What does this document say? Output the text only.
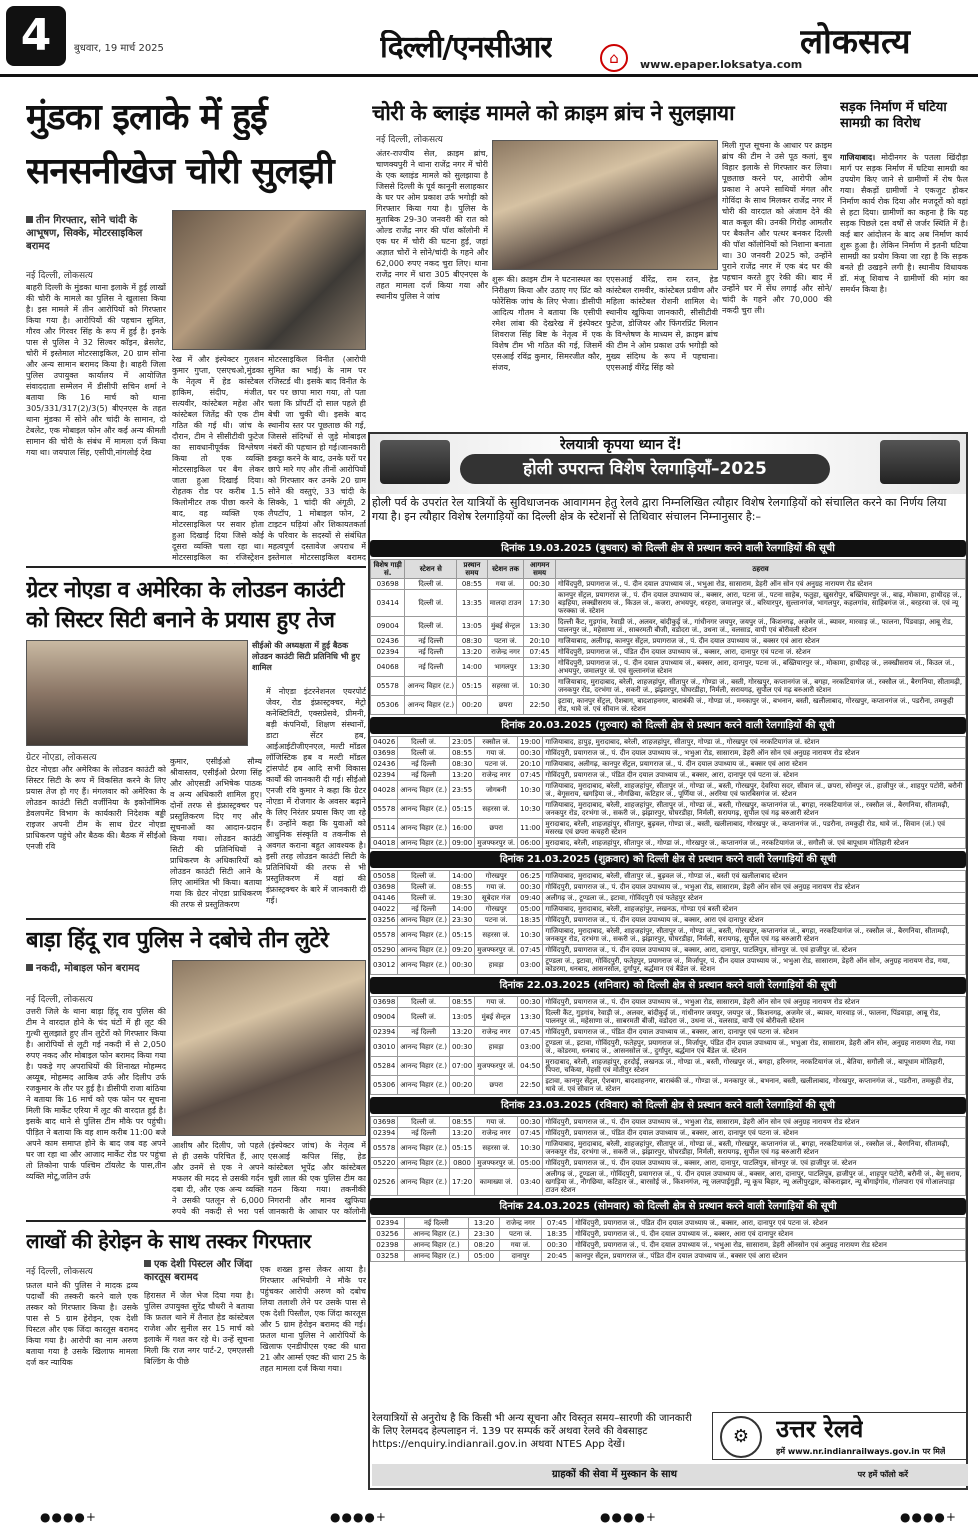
4	बुधवार, 19 मार्च 2025	दिल्ली/एनसीआर	⌂	www.epaper.loksatya.com
लोकसत्य
मुंडका इलाके में हुई
सनसनीखेज चोरी सुलझी
तीन गिरफ्तार, सोने चांदी के आभूषण, सिक्के, मोटरसाइकिल बरामद
नई दिल्ली, लोकसत्य
बाहरी दिल्ली के मुंडका थाना इलाके में हुई लाखों की चोरी के मामले का पुलिस ने खुलासा किया है। इस मामले में तीन आरोपियों को गिरफ्तार किया गया है। आरोपियों की पहचान सुमित, गौरव और गिरवर सिंह के रूप में हुई है। इनके पास से पुलिस ने 32 सिल्वर कॉइन, ब्रेसलेट, चोरी में इस्तेमाल मोटरसाइकिल, 20 ग्राम सोना और अन्य सामान बरामद किया है। बाहरी जिला पुलिस उपायुक्त कार्यालय में आयोजित संवाददाता सम्मेलन में डीसीपी सचिन शर्मा ने बताया कि 16 मार्च को थाना 305/331/317(2)/3(5) बीएनएस के तहत थाना मुंडका में सोने और चांदी के सामान, दो टेबलेट, एक मोबाइल फोन और कई अन्य कीमती सामान की चोरी के संबंध में मामला दर्ज किया गया था। जयपाल सिंह, एसीपी,नांगलोई देख
रेख में और इंस्पेक्टर गुलशन कुमार गुप्ता, एसएचओ,मुंडका के नेतृत्व में हेड कांस्टेबल हाकिम, संदीप, मंजीत, सत्यवीर, कांस्टेबल महेश और कांस्टेबल जितेंद्र की एक टीम गठित की गई थी। जांच के दौरान, टीम ने सीसीटीवी फुटेज का सावधानीपूर्वक विश्लेषण किया तो एक व्यक्ति मोटरसाइकिल पर बैग लेकर जाता हुआ दिखाई दिया। रोहतक रोड पर करीब 1.5 किलोमीटर तक पीछा करने के बाद, वह व्यक्ति एक मोटरसाइकिल पर सवार होता हुआ दिखाई दिया जिसे कोई दूसरा व्यक्ति चला रहा था।मोटरसाइकिल का रजिस्ट्रेशन
मोटरसाइकिल विनीत (आरोपी सुमित का भाई) के नाम पर रजिस्टर्ड थी। इसके बाद विनीत के घर पर छापा मारा गया, तो पता चला कि प्रॉपर्टी दो साल पहले ही बेची जा चुकी थी। इसके बाद स्थानीय स्तर पर पूछताछ की गई, जिससे संदिग्धों से जुड़े मोबाइल नंबरों की पहचान हो गई।जानकारी इकट्ठा करने के बाद, उनके घरों पर छापे मारे गए और तीनों आरोपियों को गिरफ्तार कर उनके 20 ग्राम सोने की वस्तुएं, 33 चांदी के सिक्के, 1 चांदी की अंगूठी, 2 लैपटॉप, 1 मोबाइल फोन, 2 टाइटन घड़ियां और शिकायतकर्ता के परिवार के सदस्यों से संबंधित महत्वपूर्ण दस्तावेज अपराध में इस्तेमाल मोटरसाइकिल बरामद
चोरी के ब्लाइंड मामले को क्राइम ब्रांच ने सुलझाया
नई दिल्ली, लोकसत्य
अंतर-राज्यीय सेल, क्राइम ब्रांच, चाणक्यपुरी ने थाना राजेंद्र नगर में चोरी के एक ब्लाइंड मामले को सुलझाया है जिससे दिल्ली के पूर्व कानूनी सलाहकार के घर पर ओम प्रकाश उर्फ भगोड़ी को गिरफ्तार किया गया है। पुलिस के मुताबिक 29-30 जनवरी की रात को ओल्ड राजेंद्र नगर की पॉश कॉलोनी में एक घर में चोरी की घटना हुई, जहां अज्ञात चोरों ने सोने/चांदी के गहने और 62,000 रुपए नकद चुरा लिए। थाना राजेंद्र नगर में धारा 305 बीएनएस के तहत मामला दर्ज किया गया और स्थानीय पुलिस ने जांच
शुरू की। क्राइम टीम ने घटनास्थल का निरीक्षण किया और उठाए गए प्रिंट को फोरेंसिक जांच के लिए भेजा। डीसीपी आदित्य गौतम ने बताया कि एसीपी रमेश लांबा की देखरेख में इंस्पेक्टर शिवराज सिंह बिष्ट के नेतृत्व में एक विशेष टीम भी गठित की गई, जिसमें एसआई रविंद्र कुमार, सिमरजीत कौर, संजय,
एएसआई वीरेंद्र, राम रतन, हेड कांस्टेबल रामवीर, कांस्टेबल प्रवीण और महिला कांस्टेबल रोशनी शामिल थे।स्थानीय खुफिया जानकारी, सीसीटीवी फुटेज, डोजियर और फिंगरप्रिंट मिलान के विश्लेषण के माध्यम से, क्राइम ब्रांच की टीम ने ओम प्रकाश उर्फ भगोड़ी को मुख्य संदिग्ध के रूप में पहचाना।एएसआई वीरेंद्र सिंह को
मिली गुप्त सूचना के आधार पर क्राइम ब्रांच की टीम ने उसे पूठ कलां, बुध विहार इलाके से गिरफ्तार कर लिया। पूछताछ करने पर, आरोपी ओम प्रकाश ने अपने साथियों मंगल और गोविंदा के साथ मिलकर राजेंद्र नगर में चोरी की वारदात को अंजाम देने की बात कबूल की। उनकी गिरोह आमतौर पर बैकलैन और पत्थर बनकर दिल्ली की पॉश कॉलोनियों को निशाना बनाता था। 30 जनवरी 2025 को, उन्होंने पुराने राजेंद्र नगर में एक बंद घर की पहचान करते हुए रेकी की। बाद में उन्होंने घर में सेंध लगाई और सोने/चांदी के गहने और 70,000 की नकदी चुरा ली।
सड़क निर्माण में घटिया सामग्री का विरोध
गाजियाबाद। मोदीनगर के पतला खिंदौड़ा मार्ग पर सड़क निर्माण में घटिया सामग्री का उपयोग किए जाने से ग्रामीणों में रोष फैल गया। सैकड़ों ग्रामीणों ने एकजुट होकर निर्माण कार्य रोक दिया और मजदूरों को वहां से हटा दिया। ग्रामीणों का कहना है कि यह सड़क पिछले दस वर्षों से जर्जर स्थिति में है। कई बार आंदोलन के बाद अब निर्माण कार्य शुरू हुआ है। लेकिन निर्माण में इतनी घटिया सामग्री का प्रयोग किया जा रहा है कि सड़क बनते ही उखड़ने लगी है। स्थानीय विधायक डॉ. मंजू शिवाच ने ग्रामीणों की मांग का समर्थन किया है।
ग्रेटर नोएडा व अमेरिका के लोउडन काउंटी
को सिस्टर सिटी बनाने के प्रयास हुए तेज
सीईओ की अध्यक्षता में हुई बैठक लोउडन काउंटी सिटी प्रतिनिधि भी हुए शामिल
ग्रेटर नोएडा, लोकसत्य
ग्रेटर नोएडा और अमेरिका के लोउडन काउंटी को सिस्टर सिटी के रूप में विकसित करने के लिए प्रयास तेज हो गए हैं। मंगलवार को अमेरिका के लोउडन काउंटी सिटी वर्जीनिया के इकोनॉमिक डेवलपमेंट विभाग के कार्यकारी निदेशक बड्डी राइजर अपनी टीम के साथ ग्रेटर नोएडा प्राधिकरण पहुंचे और बैठक की। बैठक में सीईओ एनजी रवि
कुमार, एसीईओ सौम्य श्रीवास्तव, एसीईओ प्रेरणा सिंह और ओएसडी अभिषेक पाठक व अन्य अधिकारी शामिल हुए। दोनों तरफ से इंफ्रास्ट्रक्चर पर प्रस्तुतिकरण दिए गए और सूचनाओं का आदान-प्रदान किया गया। लोउडन काउंटी सिटी की प्रतिनिधियों ने प्राधिकरण के अधिकारियों को लोउडन काउंटी सिटी आने के लिए आमंत्रित भी किया। बताया गया कि ग्रेटर नोएडा प्राधिकरण की तरफ से प्रस्तुतिकरण
में नोएडा इंटरनेशनल एयरपोर्ट जेवर, रोड इंफ्रास्ट्रक्चर, मेट्रो कनेक्टिविटी, एक्सप्रेसवे, प्रीमनी, बड़ी कंपनियों, शिक्षण संस्थानों, डाटा सेंटर हब, आईआईटीजीएनएल, मल्टी मॉडल लॉजिस्टिक हब व मल्टी मॉडल ट्रांसपोर्ट हब आदि सभी विकास कार्यों की जानकारी दी गई। सीईओ एनजी रवि कुमार ने कहा कि ग्रेटर नोएडा में रोजगार के अवसर बढ़ाने के लिए निरंतर प्रयास किए जा रहे हैं। उन्होंने कहा कि युवाओं को आधुनिक संस्कृति व तकनीक से अवगत कराना बहुत आवश्यक है। इसी तरह लोउडन काउंटी सिटी के प्रतिनिधियों की तरफ से भी प्रस्तुतिकरण में वहां की इंफ्रास्ट्रक्चर के बारे में जानकारी दी गई।
बाड़ा हिंदू राव पुलिस ने दबोचे तीन लुटेरे
नकदी, मोबाइल फोन बरामद
नई दिल्ली, लोकसत्य
उत्तरी जिले के थाना बाड़ा हिंदू राव पुलिस की टीम ने वारदात होने के चंद घंटों में ही लूट की गुत्थी सुलझाते हुए तीन लुटेरों को गिरफ्तार किया है। आरोपियों से लूटी गई नकदी में से 2,050 रुपए नकद और मोबाइल फोन बरामद किया गया है। पकड़े गए अपराधियों की शिनाख्त मोहम्मद अय्यूब, मोहम्मद आकिब उर्फ और दिलीप उर्फ रजकुमार के तौर पर हुई है। डीसीपी राजा बांठिया ने बताया कि 16 मार्च को एक फोन पर सूचना मिली कि मार्केट एरिया में लूट की वारदात हुई है। इसके बाद थाने से पुलिस टीम मौके पर पहुंची। पीड़ित ने बताया कि वह शाम करीब 11:00 बजे अपने काम समाप्त होने के बाद जब वह अपने घर जा रहा था और आजाद मार्केट रोड पर पहुंचा तो तिकोना पार्क पश्चिम टॉयलेट के पास,तीन व्यक्ति मोटू,जतिन उर्फ
आशीष और दिलीप, जो पहले से ही उसके परिचित हैं, आए और उनमें से एक ने अपने मफलर की मदद से उसकी गर्दन दबा दी, और एक अन्य व्यक्ति ने उसकी पतलून से 6,000 रुपये की नकदी से भरा पर्स
(इंस्पेक्टर जांच) के नेतृत्व में एसआई कपिल सिंह, हेड कांस्टेबल भूपेंद्र और कांस्टेबल चुन्नी लाल की एक पुलिस टीम का गठन किया गया। तकनीकी निगरानी और मानव खुफिया जानकारी के आधार पर कॉलोनी
लाखों की हेरोइन के साथ तस्कर गिरफ्तार
एक देशी पिस्टल और जिंदा कारतूस बरामद
नई दिल्ली, लोकसत्य
फ़तल थाने की पुलिस ने मादक द्रव्य पदार्थों की तस्करी करने वाले एक तस्कर को गिरफ्तार किया है। उसके पास से 5 ग्राम हेरोइन, एक देशी पिस्टल और एक जिंदा कारतूस बरामद किया गया है। आरोपी का नाम अरुण बताया गया है उसके खिलाफ मामला दर्ज कर न्यायिक
हिरासत में जेल भेज दिया गया है। पुलिस उपायुक्त सुरेंद्र चौधरी ने बताया कि फ़तल थाने में तैनात हेड कांस्टेबल राजेश और सुनील सर 15 मार्च को इलाके में गश्त कर रहे थे। उन्हें सूचना मिली कि राज नगर पार्ट-2, एमएलसी बिल्डिंग के पीछे
एक शख्स ड्रग्स लेकर आया है। गिरफ्तार अभियोगी ने मौके पर पहुंचकर आरोपी अरुण को दबोच लिया तलाशी लेने पर उसके पास से एक देशी पिस्तौल, एक जिंदा कारतूस और 5 ग्राम हेरोइन बरामद की गई। फ़तल थाना पुलिस ने आरोपियों के खिलाफ एनडीपीएस एक्ट की धारा 21 और आर्म्स एक्ट की धारा 25 के तहत मामला दर्ज किया गया।
रेलयात्री कृपया ध्यान दें!
होली उपरान्त विशेष रेलगाड़ियाँ–2025
होली पर्व के उपरांत रेल यात्रियों के सुविधाजनक आवागमन हेतु रेलवे द्वारा निम्नलिखित त्यौहार विशेष रेलगाड़ियों को संचालित करने का निर्णय लिया गया है। इन त्यौहार विशेष रेलगाड़ियों का दिल्ली क्षेत्र के स्टेशनों से तिथिवार संचालन निम्नानुसार है:–
दिनांक 19.03.2025 (बुधवार) को दिल्ली क्षेत्र से प्रस्थान करने वाली रेलगाड़ियों की सूची
विशेष गाड़ी सं.	स्टेशन से	प्रस्थान समय	स्टेशन तक	आगमन समय	ठहराव
03698	दिल्ली जं.	08:55	गया जं.	00:30	गोविंदपुरी, प्रयागराज जं., पं. दीन दयाल उपाध्याय जं., भभुआ रोड, सासाराम, डेहरी ऑन सोन एवं अनुग्रह नारायण रोड स्टेशन
03414	दिल्ली जं.	13:35	मालदा टाउन	17:30	कानपुर सेंट्रल, प्रयागराज जं., पं. दीन दयाल उपाध्याय जं., बक्सर, आरा, पटना जं., पटना साहेब, फतुहा, खुसरोपुर, बख्तियारपुर जं., बाढ़, मोकामा, हाथीदह जं., बड़हिया, लक्खीसराय जं., किउल जं., कजरा, अभयपुर, धरहरा, जमालपुर जं., बरियारपुर, सुल्तानगंज, भागलपुर, कहलगांव, साहिबगंज जं., बरहरवा जं. एवं न्यू फरक्का जं. स्टेशन
09004	दिल्ली जं.	13:05	मुंबई सेन्ट्रल	13:30	दिल्ली कैंट, गुड़गांव, रेवाड़ी जं., अलवर, बांदीकुई जं., गांधीनगर जयपुर, जयपुर जं., किशनगढ़, अजमेर जं., ब्यावर, मारवाड़ जं., फालना, पिंडवाड़ा, आबू रोड, पालनपुर जं., महेसाणा जं., साबरमती बीजी, वडोदरा जं., उधना जं., वलसाड, वापी एवं बोरीवली स्टेशन
02436	नई दिल्ली	08:30	पटना जं.	20:10	गाजियाबाद, अलीगढ़, कानपुर सेंट्रल, प्रयागराज जं., पं. दीन दयाल उपाध्याय जं., बक्सर एवं आरा स्टेशन
02394	नई दिल्ली	13:20	राजेन्द्र नगर	07:45	गोविंदपुरी, प्रयागराज जं., पंडित दीन दयाल उपाध्याय जं., बक्सर, आरा, दानापुर एवं पटना जं. स्टेशन
04068	नई दिल्ली	14:00	भागलपुर	13:30	गोविंदपुरी, प्रयागराज जं., पं. दीन दयाल उपाध्याय जं., बक्सर, आरा, दानापुर, पटना जं., बख्तियारपुर जं., मोकामा, हाथीदह जं., लक्खीसराय जं., किउल जं., अभयपुर, जमालपुर जं. एवं सुल्तानगंज स्टेशन
05578	आनन्द विहार (ट.)	05:15	सहरसा जं.	10:30	गाजियाबाद, मुरादाबाद, बरेली, शाहजहांपुर, सीतापुर जं., गोण्डा जं., बस्ती, गोरखपुर, कप्तानगंज जं., बगहा, नरकटियागंज जं., रक्सौल जं., बैरगनिया, सीतामढ़ी, जनकपुर रोड, दरभंगा जं., सकरी जं., झंझारपुर, घोघरडीहा, निर्मली, सरायगढ़, सुपौल एवं गढ़ बरुआरी स्टेशन
05306	आनन्द विहार (ट.)	00:20	छपरा	22:50	इटावा, कानपुर सेंट्रल, ऐशबाग, बादशाहनगर, बाराबंकी जं., गोण्डा जं., मनकापुर जं., बभनान, बस्ती, खलीलाबाद, गोरखपुर, कप्तानगंज जं., पडरौना, तमकुही रोड, थावे जं. एवं सीवान जं. स्टेशन
दिनांक 20.03.2025 (गुरुवार) को दिल्ली क्षेत्र से प्रस्थान करने वाली रेलगाड़ियों की सूची
04026	दिल्ली जं.	23:05	रक्सौल जं.	19:00	गाजियाबाद, हापुड़, मुरादाबाद, बरेली, शाहजहांपुर, सीतापुर, गोण्डा जं., गोरखपुर एवं नरकटियागंज जं. स्टेशन
03698	दिल्ली जं.	08:55	गया जं.	00:30	गोविंदपुरी, प्रयागराज जं., पं. दीन दयाल उपाध्याय जं., भभुआ रोड, सासाराम, डेहरी ऑन सोन एवं अनुग्रह नारायण रोड स्टेशन
02436	नई दिल्ली	08:30	पटना जं.	20:10	गाजियाबाद, अलीगढ़, कानपुर सेंट्रल, प्रयागराज जं., पं. दीन दयाल उपाध्याय जं., बक्सर एवं आरा स्टेशन
02394	नई दिल्ली	13:20	राजेन्द्र नगर	07:45	गोविंदपुरी, प्रयागराज जं., पंडित दीन दयाल उपाध्याय जं., बक्सर, आरा, दानापुर एवं पटना जं. स्टेशन
04028	आनन्द विहार (ट.)	23:55	जोगबनी	10:30	गाजियाबाद, मुरादाबाद, बरेली, शाहजहांपुर, सीतापुर जं., गोण्डा जं., बस्ती, गोरखपुर, देवरिया सदर, सीवान जं., छपरा, सोनपुर जं., हाजीपुर जं., शाहपुर पटोरी, बरौनी जं., बेगूसराय, खगड़िया जं., नौगछिया, कटिहार जं., पूर्णिया जं., अररिया एवं फारबिसगंज जं. स्टेशन
05578	आनन्द विहार (ट.)	05:15	सहरसा जं.	10:30	गाजियाबाद, मुरादाबाद, बरेली, शाहजहांपुर, सीतापुर जं., गोण्डा जं., बस्ती, गोरखपुर, कप्तानगंज जं., बगहा, नरकटियागंज जं., रक्सौल जं., बैरगनिया, सीतामढ़ी, जनकपुर रोड, दरभंगा जं., सकरी जं., झंझारपुर, घोघरडीहा, निर्मली, सरायगढ़, सुपौल एवं गढ़ बरुआरी स्टेशन
05114	आनन्द विहार (ट.)	16:00	छपरा	11:00	मुरादाबाद, बरेली, शाहजहांपुर, सीतापुर, बुढ़वल, गोण्डा जं., बस्ती, खलीलाबाद, गोरखपुर जं., कप्तानगंज जं., पडरौना, तमकुही रोड, थावे जं., सिवान (जं.) एवं मसरख एवं छपरा कचहरी स्टेशन
04018	आनन्द विहार (ट.)	09:00	मुजफ्फरपुर जं.	06:00	मुरादाबाद, बरेली, शाहजहांपुर, सीतापुर जं., गोण्डा जं., गोरखपुर जं., कप्तानगंज जं., नरकटियागंज जं., सगौली जं. एवं बापूधाम मोतिहारी स्टेशन
दिनांक 21.03.2025 (शुक्रवार) को दिल्ली क्षेत्र से प्रस्थान करने वाली रेलगाड़ियों की सूची
05058	दिल्ली जं.	14:00	गोरखपुर	06:25	गाजियाबाद, मुरादाबाद, बरेली, सीतापुर जं., बुढ़वल जं., गोण्डा जं., बस्ती एवं खलीलाबाद स्टेशन
03698	दिल्ली जं.	08:55	गया जं.	00:30	गोविंदपुरी, प्रयागराज जं., पं. दीन दयाल उपाध्याय जं., भभुआ रोड, सासाराम, डेहरी ऑन सोन एवं अनुग्रह नारायण रोड स्टेशन
04146	दिल्ली जं.	19:30	सूबेदार गंज	09:40	अलीगढ़ जं., टूण्डला जं., इटावा, गोविंदपुरी एवं फतेहपुर स्टेशन
04022	नई दिल्ली	14:00	गोरखपुर	05:00	गाजियाबाद, मुरादाबाद, बरेली, शाहजहांपुर, लखनऊ, गोण्डा एवं बस्ती स्टेशन
03256	आनन्द विहार (ट.)	23:30	पटना जं.	18:35	गोविंदपुरी, प्रयागराज जं., पं. दीन दयाल उपाध्याय जं., बक्सर, आरा एवं दानापुर स्टेशन
05578	आनन्द विहार (ट.)	05:15	सहरसा जं.	10:30	गाजियाबाद, मुरादाबाद, बरेली, शाहजहांपुर, सीतापुर जं., गोण्डा जं., बस्ती, गोरखपुर, कप्तानगंज जं., बगहा, नरकटियागंज जं., रक्सौल जं., बैरगनिया, सीतामढ़ी, जनकपुर रोड, दरभंगा जं., सकरी जं., झंझारपुर, घोघरडीहा, निर्मली, सरायगढ़, सुपौल एवं गढ़ बरुआरी स्टेशन
05290	आनन्द विहार (ट.)	09:20	मुजफ्फरपुर जं.	07:45	गोविंदपुरी, प्रयागराज जं., पं. दीन दयाल उपाध्याय जं., बक्सर, आरा, दानापुर, पाटलिपुत्र, सोनपुर जं. एवं हाजीपुर जं. स्टेशन
03012	आनन्द विहार (ट.)	00:30	हावड़ा	03:00	टूण्डला जं., इटावा, गोविंदपुरी, फतेहपुर, प्रयागराज जं., मिर्जापुर, पं. दीन दयाल उपाध्याय जं., भभुआ रोड, सासाराम, डेहरी ऑन सोन, अनुग्रह नारायण रोड, गया, कोडरमा, धनबाद, आसनसोल, दुर्गापुर, बर्द्धमान एवं बैंडेल जं. स्टेशन
दिनांक 22.03.2025 (शनिवार) को दिल्ली क्षेत्र से प्रस्थान करने वाली रेलगाड़ियों की सूची
03698	दिल्ली जं.	08:55	गया जं.	00:30	गोविंदपुरी, प्रयागराज जं., पं. दीन दयाल उपाध्याय जं., भभुआ रोड, सासाराम, डेहरी ऑन सोन एवं अनुग्रह नारायण रोड स्टेशन
09004	दिल्ली जं.	13:05	मुंबई सेन्ट्रल	13:30	दिल्ली कैंट, गुड़गांव, रेवाड़ी जं., अलवर, बांदीकुई जं., गांधीनगर जयपुर, जयपुर जं., किशनगढ़, अजमेर जं., ब्यावर, मारवाड़ जं., फालना, पिंडवाड़ा, आबू रोड, पालनपुर जं., महेसाणा जं., साबरमती बीजी, वडोदरा जं., उधना जं., वलसाड, वापी एवं बोरीवली स्टेशन
02394	नई दिल्ली	13:20	राजेन्द्र नगर	07:45	गोविंदपुरी, प्रयागराज जं., पंडित दीन दयाल उपाध्याय जं., बक्सर, आरा, दानापुर एवं पटना जं. स्टेशन
03010	आनन्द विहार (ट.)	00:30	हावड़ा	03:00	टूण्डला जं., इटावा, गोविंदपुरी, फतेहपुर, प्रयागराज जं., मिर्जापुर, पंडित दीन दयाल उपाध्याय जं., भभुआ रोड, सासाराम, डेहरी ऑन सोन, अनुग्रह नारायण रोड, गया जं., कोडरमा, धनबाद जं., आसनसोल जं., दुर्गापुर, बर्द्धमान एवं बैंडेल जं. स्टेशन
05284	आनन्द विहार (ट.)	07:00	मुजफ्फरपुर जं.	04:50	मुरादाबाद, बरेली, शाहजहांपुर, हरदोई, लखनऊ जं., गोण्डा जं., बस्ती, गोरखपुर जं., बगहा, हरिनगर, नरकटियागंज जं., बेतिया, सगौली जं., बापूधाम मोतिहारी, पिपरा, चकिया, मेहसी एवं मोतीपुर स्टेशन
05306	आनन्द विहार (ट.)	00:20	छपरा	22:50	इटावा, कानपुर सेंट्रल, ऐशबाग, बादशाहनगर, बाराबंकी जं., गोण्डा जं., मनकापुर जं., बभनान, बस्ती, खलीलाबाद, गोरखपुर, कप्तानगंज जं., पडरौना, तमकुही रोड, थावे जं. एवं सीवान जं. स्टेशन
दिनांक 23.03.2025 (रविवार) को दिल्ली क्षेत्र से प्रस्थान करने वाली रेलगाड़ियों की सूची
03698	दिल्ली जं.	08:55	गया जं.	00:30	गोविंदपुरी, प्रयागराज जं., पं. दीन दयाल उपाध्याय जं., भभुआ रोड, सासाराम, डेहरी ऑन सोन एवं अनुग्रह नारायण रोड स्टेशन
02394	नई दिल्ली	13:20	राजेन्द्र नगर	07:45	गोविंदपुरी, प्रयागराज जं., पंडित दीन दयाल उपाध्याय जं., बक्सर, आरा, दानापुर एवं पटना जं. स्टेशन
05578	आनन्द विहार (ट.)	05:15	सहरसा जं.	10:30	गाजियाबाद, मुरादाबाद, बरेली, शाहजहांपुर, सीतापुर जं., गोण्डा जं., बस्ती, गोरखपुर, कप्तानगंज जं., बगहा, नरकटियागंज जं., रक्सौल जं., बैरगनिया, सीतामढ़ी, जनकपुर रोड, दरभंगा जं., सकरी जं., झंझारपुर, घोघरडीहा, निर्मली, सरायगढ़, सुपौल एवं गढ़ बरुआरी स्टेशन
05220	आनन्द विहार (ट.)	0800	मुजफ्फरपुर जं.	05:00	गोविंदपुरी, प्रयागराज जं., पं. दीन दयाल उपाध्याय जं., बक्सर, आरा, दानापुर, पाटलिपुत्र, सोनपुर जं. एवं हाजीपुर जं. स्टेशन
02526	आनन्द विहार (ट.)	17:20	कामाख्या जं.	03:40	अलीगढ़ जं., टूण्डला जं., गोविंदपुरी, प्रयागराज जं., पं. दीन दयाल उपाध्याय जं., बक्सर, आरा, दानापुर, पाटलिपुत्र, हाजीपुर जं., शाहपुर पटोरी, बरौनी जं., बेगू सराय, खगड़िया जं., नौगछिया, कटिहार जं., बारसोई जं., किशनगंज, न्यू जलपाईगुड़ी, न्यू कूच बिहार, न्यू अलीपुरद्वार, कोकराझार, न्यू बोंगाईगांव, गोलपारा एवं गोआलपाड़ा टाउन स्टेशन
दिनांक 24.03.2025 (सोमवार) को दिल्ली क्षेत्र से प्रस्थान करने वाली रेलगाड़ियों की सूची
02394	नई दिल्ली	13:20	राजेन्द्र नगर	07:45	गोविंदपुरी, प्रयागराज जं., पंडित दीन दयाल उपाध्याय जं., बक्सर, आरा, दानापुर एवं पटना जं. स्टेशन
03256	आनन्द विहार (ट.)	23:30	पटना जं.	18:35	गोविंदपुरी, प्रयागराज जं., पं. दीन दयाल उपाध्याय जं., बक्सर, आरा एवं दानापुर स्टेशन
02398	आनन्द विहार (ट.)	08:20	गया जं.	00:30	गोविंदपुरी, प्रयागराज जं., पं. दीन दयाल उपाध्याय जं., भभुआ रोड, सासाराम, डेहरी ऑनसोन एवं अनुग्रह नारायण रोड स्टेशन
03258	आनन्द विहार (ट.)	05:00	दानापुर	20:45	कानपुर सेंट्रल, प्रयागराज जं., पंडित दीन दयाल उपाध्याय जं., बक्सर एवं आरा स्टेशन
रेलयात्रियों से अनुरोध है कि किसी भी अन्य सूचना और विस्तृत समय–सारणी की जानकारी के लिए रेलमदद हेल्पलाइन नं. 139 पर सम्पर्क करें अथवा रेलवे की वेबसाइट https://enquiry.indianrail.gov.in अथवा NTES App देखें।	⚙	उत्तर रेलवे
हमें www.nr.indianrailways.gov.in पर मिलें
ग्राहकों की सेवा में मुस्कान के साथ	पर हमें फॉलो करें
●●●●+	●●●●+	●●●●+	●●●●+
